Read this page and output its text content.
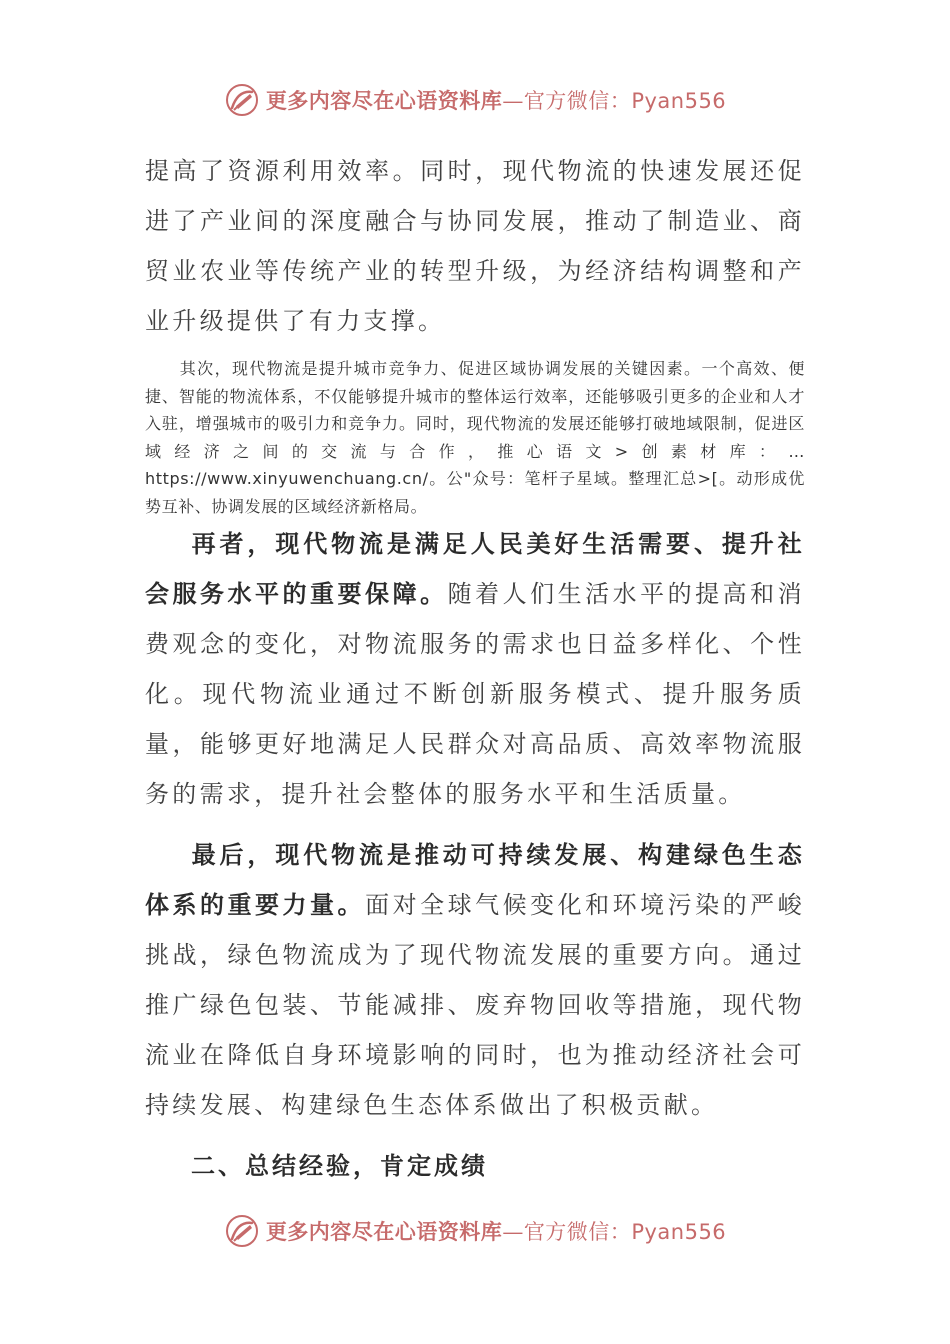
更多内容尽在心语资料库—官方微信：Pyan556
提高了资源利用效率。同时，现代物流的快速发展还促进了产业间的深度融合与协同发展，推动了制造业、商贸业农业等传统产业的转型升级，为经济结构调整和产业升级提供了有力支撑。
其次，现代物流是提升城市竞争力、促进区域协调发展的关键因素。一个高效、便捷、智能的物流体系，不仅能够提升城市的整体运行效率，还能够吸引更多的企业和人才入驻，增强城市的吸引力和竞争力。同时，现代物流的发展还能够打破地域限制，促进区域经济之间的交流与合作，推心语文>创素材库：…https://www.xinyuwenchuang.cn/。公"众号：笔杆子星域。整理汇总>[。动形成优势互补、协调发展的区域经济新格局。
再者，现代物流是满足人民美好生活需要、提升社会服务水平的重要保障。随着人们生活水平的提高和消费观念的变化，对物流服务的需求也日益多样化、个性化。现代物流业通过不断创新服务模式、提升服务质量，能够更好地满足人民群众对高品质、高效率物流服务的需求，提升社会整体的服务水平和生活质量。
最后，现代物流是推动可持续发展、构建绿色生态体系的重要力量。面对全球气候变化和环境污染的严峻挑战，绿色物流成为了现代物流发展的重要方向。通过推广绿色包装、节能减排、废弃物回收等措施，现代物流业在降低自身环境影响的同时，也为推动经济社会可持续发展、构建绿色生态体系做出了积极贡献。
二、总结经验，肯定成绩
更多内容尽在心语资料库—官方微信：Pyan556
